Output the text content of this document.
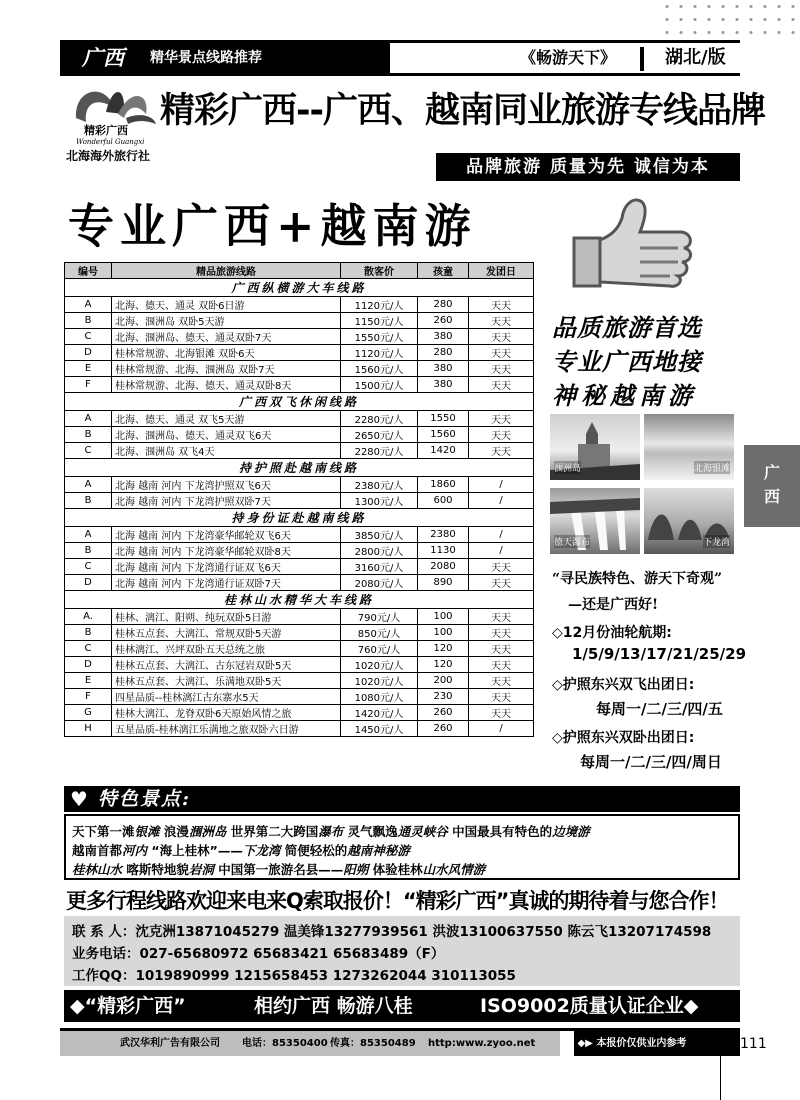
广西 精华景点线路推荐	◆▶	《畅游天下》	湖北/版
精彩广西
Wonderful Guangxi
北海海外旅行社
精彩广西--广西、越南同业旅游专线品牌
品牌旅游 质量为先 诚信为本
专业广西+越南游
编号	精品旅游线路	散客价	孩童	发团日
广西纵横游大车线路				
A	北海、德天、通灵 双卧6日游	1120元/人	280	天天
B	北海、涠洲岛 双卧5天游	1150元/人	260	天天
C	北海、涠洲岛、德天、通灵双卧7天	1550元/人	380	天天
D	桂林常规游、北海银滩 双卧6天	1120元/人	280	天天
E	桂林常规游、北海、涠洲岛 双卧7天	1560元/人	380	天天
F	桂林常规游、北海、德天、通灵双卧8天	1500元/人	380	天天
广西双飞休闲线路				
A	北海、德天、通灵 双飞5天游	2280元/人	1550	天天
B	北海、涠洲岛、德天、通灵双飞6天	2650元/人	1560	天天
C	北海、涠洲岛 双飞4天	2280元/人	1420	天天
持护照赴越南线路				
A	北海 越南 河内 下龙湾护照双飞6天	2380元/人	1860	/
B	北海 越南 河内 下龙湾护照双卧7天	1300元/人	600	/
持身份证赴越南线路				
A	北海 越南 河内 下龙湾豪华邮轮双飞6天	3850元/人	2380	/
B	北海 越南 河内 下龙湾豪华邮轮双卧8天	2800元/人	1130	/
C	北海 越南 河内 下龙湾通行证双飞6天	3160元/人	2080	天天
D	北海 越南 河内 下龙湾通行证双卧7天	2080元/人	890	天天
桂林山水精华大车线路				
A.	桂林、漓江、阳朔、纯玩双卧5日游	790元/人	100	天天
B	桂林五点套、大漓江、常规双卧5天游	850元/人	100	天天
C	桂林漓江、兴坪双卧五天总统之旅	760元/人	120	天天
D	桂林五点套、大漓江、古东冠岩双卧5天	1020元/人	120	天天
E	桂林五点套、大漓江、乐满地双卧5天	1020元/人	200	天天
F	四星品质--桂林漓江古东寨水5天	1080元/人	230	天天
G	桂林大漓江、龙脊双卧6天原始风情之旅	1420元/人	260	天天
H	五星品质-桂林漓江乐满地之旅双卧六日游	1450元/人	260	/
品质旅游首选
专业广西地接
神秘越南游
涠洲岛	北海银滩
德天瀑布	下龙湾
广
西
“寻民族特色、游天下奇观”
—还是广西好!
◇12月份油轮航期:
1/5/9/13/17/21/25/29
◇护照东兴双飞出团日:
每周一/二/三/四/五
◇护照东兴双卧出团日:
每周一/二/三/四/周日
♥ 特色景点:
天下第一滩银滩 浪漫涠洲岛 世界第二大跨国瀑布 灵气飘逸通灵峡谷 中国最具有特色的边境游
越南首都河内 “海上桂林”——下龙湾 简便轻松的越南神秘游
桂林山水 喀斯特地貌岩洞 中国第一旅游名县——阳朔 体验桂林山水风情游
更多行程线路欢迎来电来Q索取报价！“精彩广西”真诚的期待着与您合作！
联 系 人：沈克洲13871045279 温美锋13277939561 洪波13100637550 陈云飞13207174598
业务电话：027-65680972 65683421 65683489（F）
工作QQ：1019890999 1215658453 1273262044 310113055
◆“精彩广西”	相约广西 畅游八桂	ISO9002质量认证企业◆
武汉华利广告有限公司 电话：85350400 传真：85350489 http:www.zyoo.net	◆▶ 本报价仅供业内参考	111
